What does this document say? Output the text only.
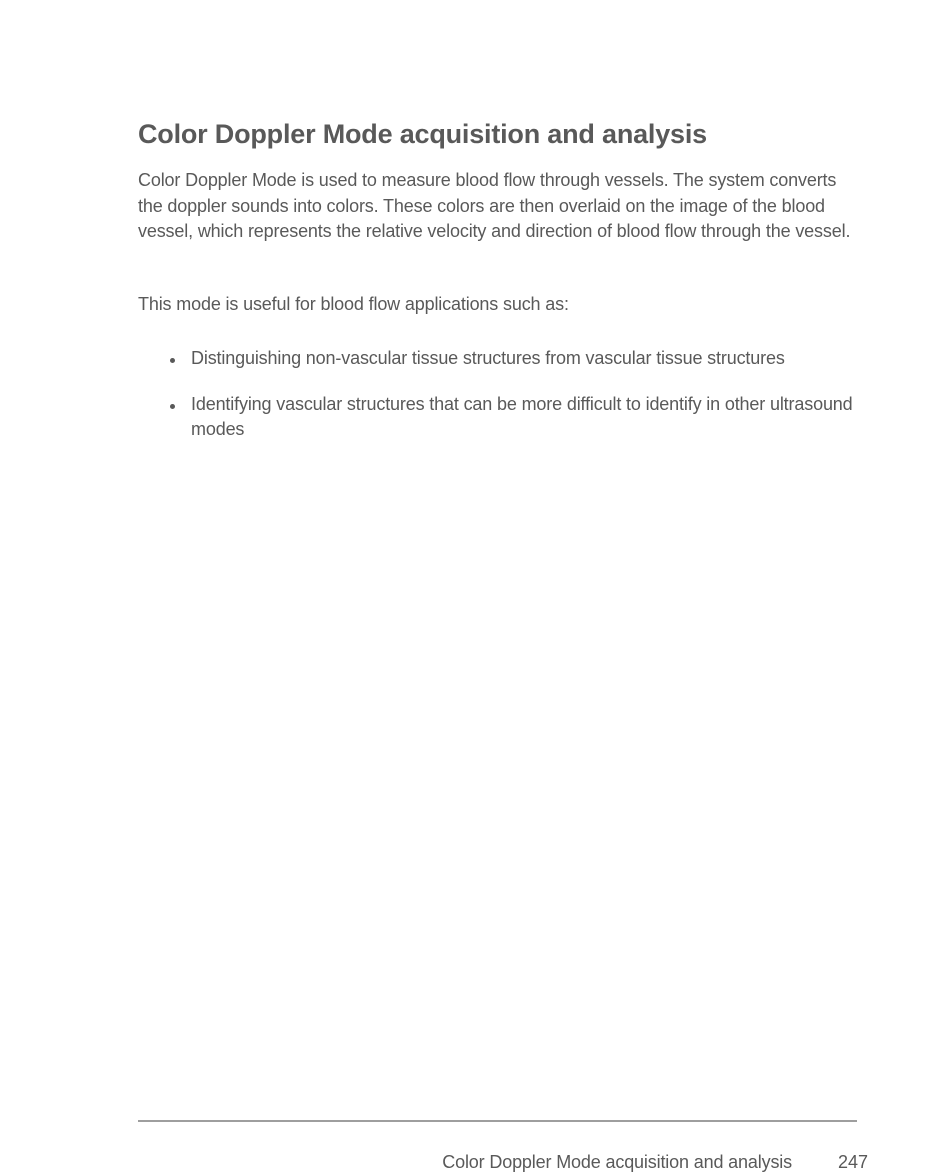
Color Doppler Mode acquisition and analysis

Color Doppler Mode is used to measure blood flow through vessels. The system converts the doppler sounds into colors. These colors are then overlaid on the image of the blood vessel, which represents the relative velocity and direction of blood flow through the vessel.

This mode is useful for blood flow applications such as:

Distinguishing non-vascular tissue structures from vascular tissue structures
Identifying vascular structures that can be more difficult to identify in other ultrasound modes
Color Doppler Mode acquisition and analysis	247
